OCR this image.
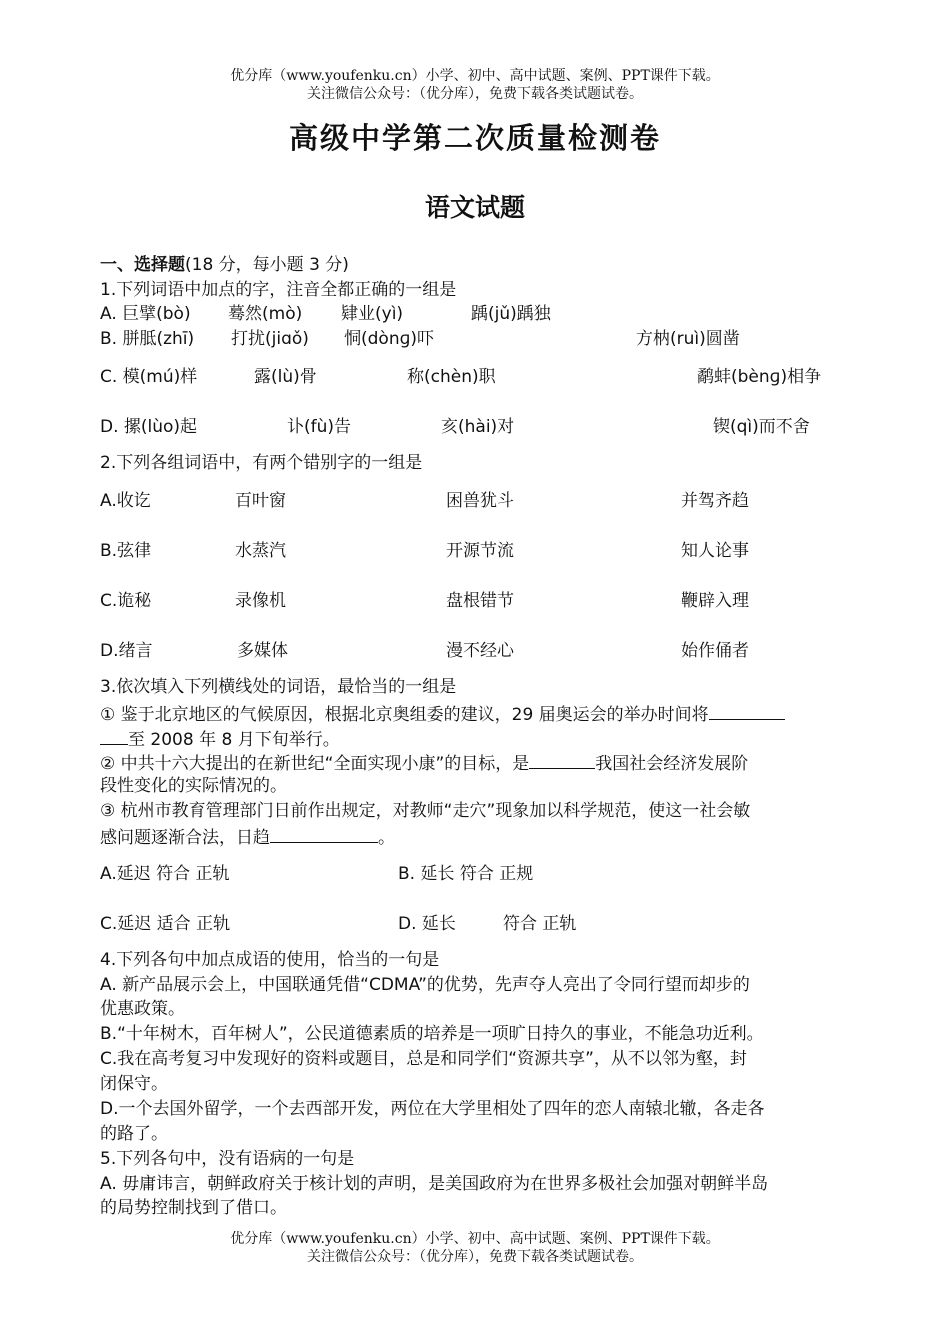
优分库（www.youfenku.cn）小学、初中、高中试题、案例、PPT课件下载。
关注微信公众号：（优分库），免费下载各类试题试卷。
高级中学第二次质量检测卷
语文试题
一、选择题(18 分，每小题 3 分)
1.下列词语中加点的字，注音全都正确的一组是
A. 巨擘(bò) 蓦然(mò) 肄业(yì)	踽(jǔ)踽独
B. 胼胝(zhī) 打扰(jiɑǒ) 恫(dònɡ)吓	方枘(ruì)圆凿
C. 模(mú)样	露(lù)骨	称(chèn)职	鹬蚌(bènɡ)相争
D. 摞(lùo)起	讣(fù)告	亥(hài)对	锲(qì)而不舍
2.下列各组词语中，有两个错别字的一组是
A.收讫	百叶窗	困兽犹斗	并驾齐趋
B.弦律	水蒸汽	开源节流	知人论事
C.诡秘	录像机	盘根错节	鞭辟入理
D.绪言	多媒体	漫不经心	始作俑者
3.依次填入下列横线处的词语，最恰当的一组是
① 鉴于北京地区的气候原因，根据北京奥组委的建议，29 届奥运会的举办时间将
至 2008 年 8 月下旬举行。
② 中共十六大提出的在新世纪“全面实现小康”的目标，是	我国社会经济发展阶
段性变化的实际情况的。
③ 杭州市教育管理部门日前作出规定，对教师“走穴”现象加以科学规范，使这一社会敏
感问题逐渐合法，日趋	。
A.延迟 符合 正轨	B. 延长 符合 正规
C.延迟 适合 正轨	D. 延长	符合 正轨
4.下列各句中加点成语的使用，恰当的一句是
A. 新产品展示会上，中国联通凭借“CDMA”的优势，先声夺人亮出了令同行望而却步的
优惠政策。
B.“十年树木，百年树人”，公民道德素质的培养是一项旷日持久的事业，不能急功近利。
C.我在高考复习中发现好的资料或题目，总是和同学们“资源共享”，从不以邻为壑，封
闭保守。
D.一个去国外留学，一个去西部开发，两位在大学里相处了四年的恋人南辕北辙，各走各
的路了。
5.下列各句中，没有语病的一句是
A. 毋庸讳言，朝鲜政府关于核计划的声明，是美国政府为在世界多极社会加强对朝鲜半岛
的局势控制找到了借口。
优分库（www.youfenku.cn）小学、初中、高中试题、案例、PPT课件下载。
关注微信公众号：（优分库），免费下载各类试题试卷。
